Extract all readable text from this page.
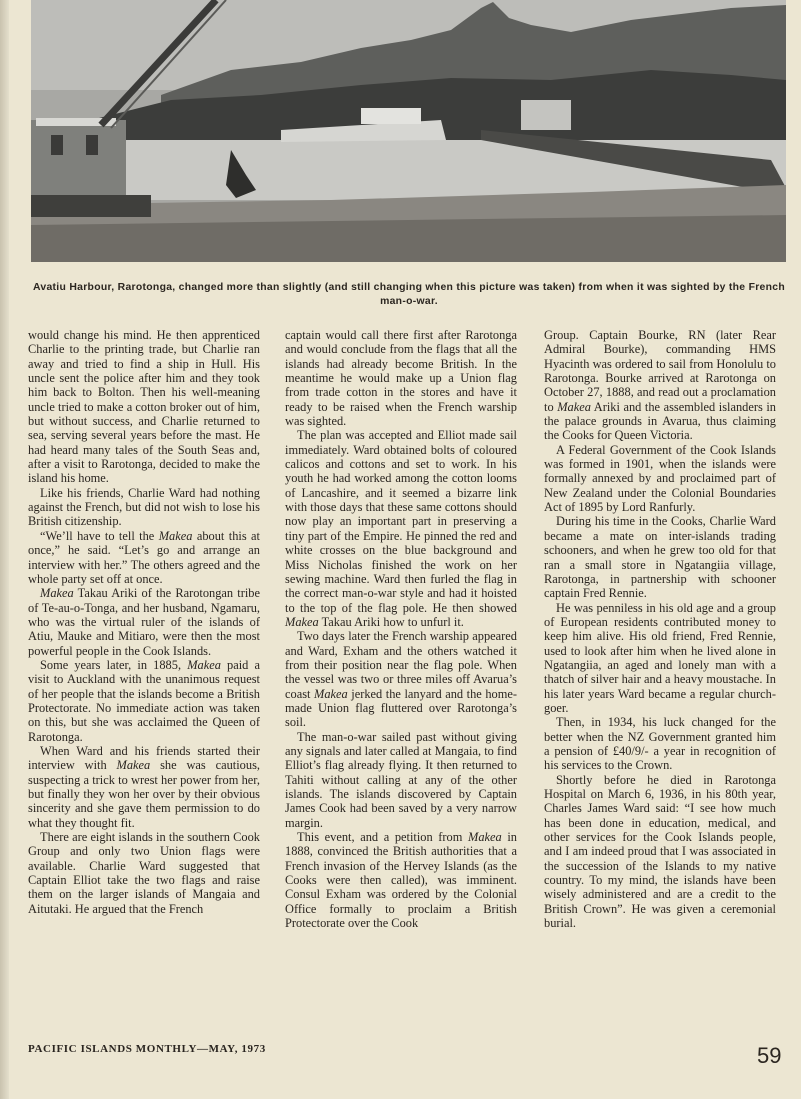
Avatiu Harbour, Rarotonga, changed more than slightly (and still changing when this picture was taken) from when it was sighted by the French man-o-war.

would change his mind. He then apprenticed Charlie to the printing trade, but Charlie ran away and tried to find a ship in Hull. His uncle sent the police after him and they took him back to Bolton. Then his well-meaning uncle tried to make a cotton broker out of him, but without success, and Charlie returned to sea, serving several years before the mast. He had heard many tales of the South Seas and, after a visit to Rarotonga, decided to make the island his home.

Like his friends, Charlie Ward had nothing against the French, but did not wish to lose his British citizenship.

“We’ll have to tell the Makea about this at once,” he said. “Let’s go and arrange an interview with her.” The others agreed and the whole party set off at once.

Makea Takau Ariki of the Rarotongan tribe of Te-au-o-Tonga, and her husband, Ngamaru, who was the virtual ruler of the islands of Atiu, Mauke and Mitiaro, were then the most powerful people in the Cook Islands.

Some years later, in 1885, Makea paid a visit to Auckland with the unanimous request of her people that the islands become a British Protectorate. No immediate action was taken on this, but she was acclaimed the Queen of Rarotonga.

When Ward and his friends started their interview with Makea she was cautious, suspecting a trick to wrest her power from her, but finally they won her over by their obvious sincerity and she gave them permission to do what they thought fit.

There are eight islands in the southern Cook Group and only two Union flags were available. Charlie Ward suggested that Captain Elliot take the two flags and raise them on the larger islands of Mangaia and Aitutaki. He argued that the French

captain would call there first after Rarotonga and would conclude from the flags that all the islands had already become British. In the meantime he would make up a Union flag from trade cotton in the stores and have it ready to be raised when the French warship was sighted.

The plan was accepted and Elliot made sail immediately. Ward obtained bolts of coloured calicos and cottons and set to work. In his youth he had worked among the cotton looms of Lancashire, and it seemed a bizarre link with those days that these same cottons should now play an important part in preserving a tiny part of the Empire. He pinned the red and white crosses on the blue background and Miss Nicholas finished the work on her sewing machine. Ward then furled the flag in the correct man-o-war style and had it hoisted to the top of the flag pole. He then showed Makea Takau Ariki how to unfurl it.

Two days later the French warship appeared and Ward, Exham and the others watched it from their position near the flag pole. When the vessel was two or three miles off Avarua’s coast Makea jerked the lanyard and the home-made Union flag fluttered over Rarotonga’s soil.

The man-o-war sailed past without giving any signals and later called at Mangaia, to find Elliot’s flag already flying. It then returned to Tahiti without calling at any of the other islands. The islands discovered by Captain James Cook had been saved by a very narrow margin.

This event, and a petition from Makea in 1888, convinced the British authorities that a French invasion of the Hervey Islands (as the Cooks were then called), was imminent. Consul Exham was ordered by the Colonial Office formally to proclaim a British Protectorate over the Cook

Group. Captain Bourke, RN (later Rear Admiral Bourke), commanding HMS Hyacinth was ordered to sail from Honolulu to Rarotonga. Bourke arrived at Rarotonga on October 27, 1888, and read out a proclamation to Makea Ariki and the assembled islanders in the palace grounds in Avarua, thus claiming the Cooks for Queen Victoria.

A Federal Government of the Cook Islands was formed in 1901, when the islands were formally annexed by and proclaimed part of New Zealand under the Colonial Boundaries Act of 1895 by Lord Ranfurly.

During his time in the Cooks, Charlie Ward became a mate on inter-islands trading schooners, and when he grew too old for that ran a small store in Ngatangiia village, Rarotonga, in partnership with schooner captain Fred Rennie.

He was penniless in his old age and a group of European residents contributed money to keep him alive. His old friend, Fred Rennie, used to look after him when he lived alone in Ngatangiia, an aged and lonely man with a thatch of silver hair and a heavy moustache. In his later years Ward became a regular church-goer.

Then, in 1934, his luck changed for the better when the NZ Government granted him a pension of £40/9/- a year in recognition of his services to the Crown.

Shortly before he died in Rarotonga Hospital on March 6, 1936, in his 80th year, Charles James Ward said: “I see how much has been done in education, medical, and other services for the Cook Islands people, and I am indeed proud that I was associated in the succession of the Islands to my native country. To my mind, the islands have been wisely administered and are a credit to the British Crown”. He was given a ceremonial burial.

PACIFIC ISLANDS MONTHLY—MAY, 1973	59
